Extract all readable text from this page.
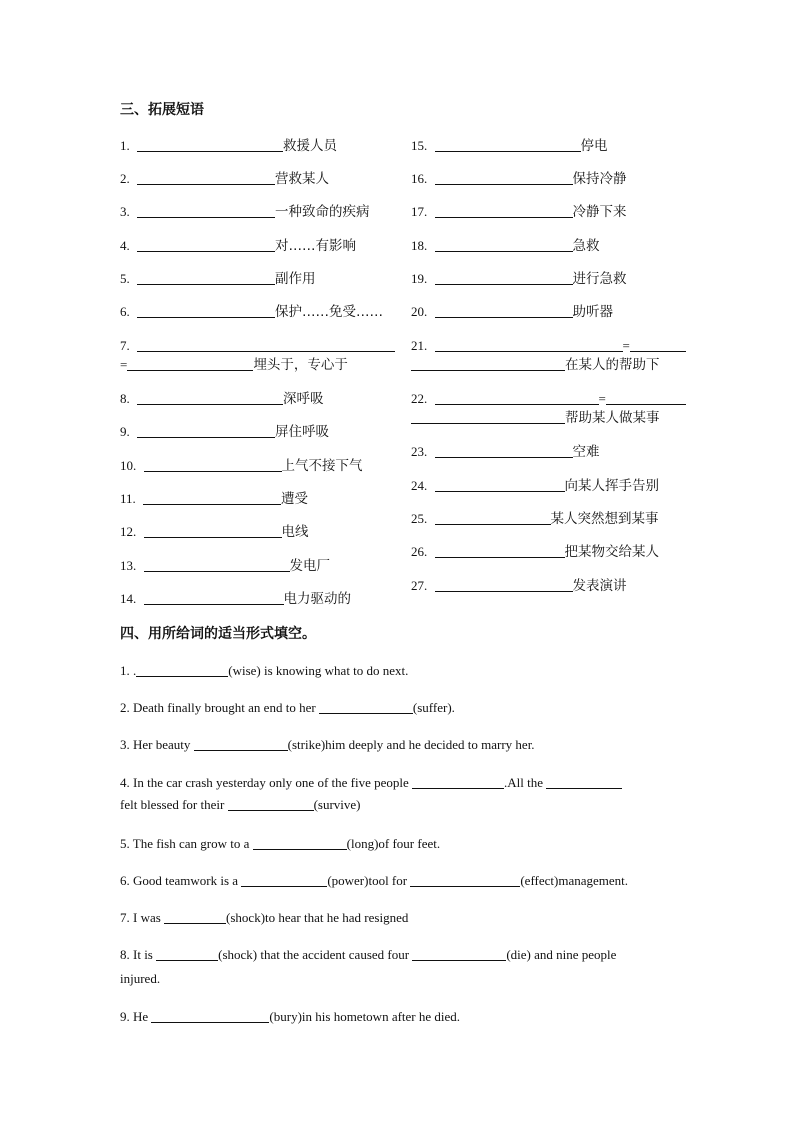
三、拓展短语
1.	救援人员
2.	营救某人
3.	一种致命的疾病
4.	对……有影响
5.	副作用
6.	保护……免受……
7.
=	埋头于，专心于
8.	深呼吸
9.	屏住呼吸
10.	上气不接下气
11.	遭受
12.	电线
13.	发电厂
14.	电力驱动的
15.	停电
16.	保持冷静
17.	冷静下来
18.	急救
19.	进行急救
20.	助听器
21.	=
在某人的帮助下
22.	=
帮助某人做某事
23.	空难
24.	向某人挥手告别
25.	某人突然想到某事
26.	把某物交给某人
27.	发表演讲
四、用所给词的适当形式填空。
1. .	(wise) is knowing what to do next.
2. Death finally brought an end to her	(suffer).
3. Her beauty	(strike)him deeply and he decided to marry her.
4. In the car crash yesterday only one of the five people	.All the
felt blessed for their	(survive)
5. The fish can grow to a	(long)of four feet.
6. Good teamwork is a	(power)tool for	(effect)management.
7. I was	(shock)to hear that he had resigned
8. It is	(shock) that the accident caused four	(die) and nine people
injured.
9. He	(bury)in his hometown after he died.
